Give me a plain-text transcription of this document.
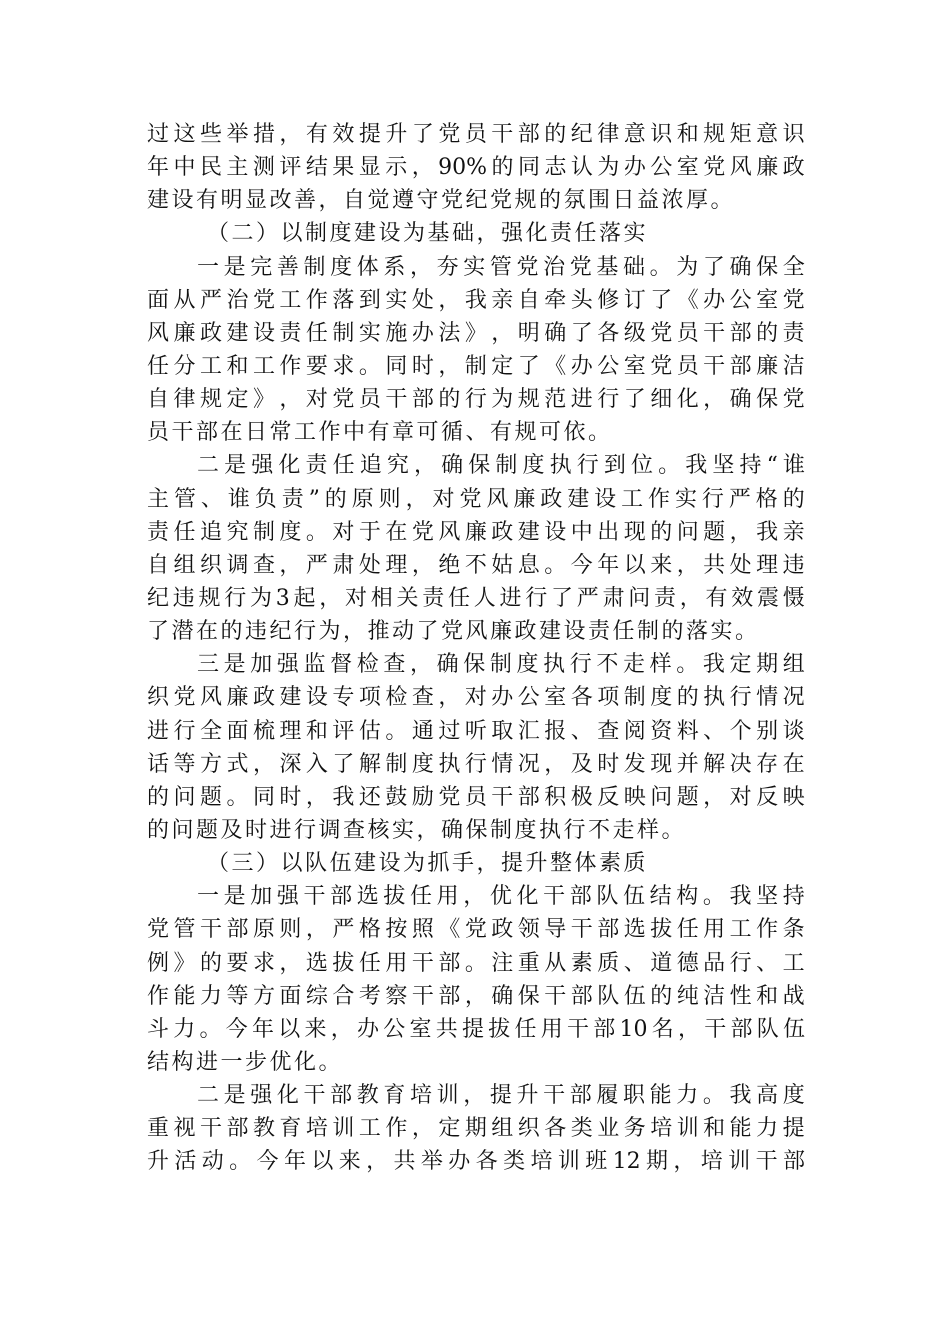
过 这 些 举 措 ， 有 效 提 升 了 党 员 干 部 的 纪 律 意 识 和 规 矩 意 识
年 中 民 主 测 评 结 果 显 示 ， 90% 的 同 志 认 为 办 公 室 党 风 廉 政
建设有明显改善，自觉遵守党纪党规的氛围日益浓厚。
（二）以制度建设为基础，强化责任落实
一 是 完 善 制 度 体 系 ， 夯 实 管 党 治 党 基 础 。 为 了 确 保 全
面 从 严 治 党 工 作 落 到 实 处 ， 我 亲 自 牵 头 修 订 了 《 办 公 室 党
风 廉 政 建 设 责 任 制 实 施 办 法 》 ， 明 确 了 各 级 党 员 干 部 的 责
任 分 工 和 工 作 要 求 。 同 时 ， 制 定 了 《 办 公 室 党 员 干 部 廉 洁
自 律 规 定 》 ， 对 党 员 干 部 的 行 为 规 范 进 行 了 细 化 ， 确 保 党
员干部在日常工作中有章可循、有规可依。
二 是 强 化 责 任 追 究 ， 确 保 制 度 执 行 到 位 。 我 坚 持 “ 谁
主 管 、 谁 负 责 ” 的 原 则 ， 对 党 风 廉 政 建 设 工 作 实 行 严 格 的
责 任 追 究 制 度 。 对 于 在 党 风 廉 政 建 设 中 出 现 的 问 题 ， 我 亲
自 组 织 调 查 ， 严 肃 处 理 ， 绝 不 姑 息 。 今 年 以 来 ， 共 处 理 违
纪 违 规 行 为 3 起 ， 对 相 关 责 任 人 进 行 了 严 肃 问 责 ， 有 效 震 慑
了潜在的违纪行为，推动了党风廉政建设责任制的落实。
三 是 加 强 监 督 检 查 ， 确 保 制 度 执 行 不 走 样 。 我 定 期 组
织 党 风 廉 政 建 设 专 项 检 查 ， 对 办 公 室 各 项 制 度 的 执 行 情 况
进 行 全 面 梳 理 和 评 估 。 通 过 听 取 汇 报 、 查 阅 资 料 、 个 别 谈
话 等 方 式 ， 深 入 了 解 制 度 执 行 情 况 ， 及 时 发 现 并 解 决 存 在
的 问 题 。 同 时 ， 我 还 鼓 励 党 员 干 部 积 极 反 映 问 题 ， 对 反 映
的问题及时进行调查核实，确保制度执行不走样。
（三）以队伍建设为抓手，提升整体素质
一 是 加 强 干 部 选 拔 任 用 ， 优 化 干 部 队 伍 结 构 。 我 坚 持
党 管 干 部 原 则 ， 严 格 按 照 《 党 政 领 导 干 部 选 拔 任 用 工 作 条
例 》 的 要 求 ， 选 拔 任 用 干 部 。 注 重 从 素 质 、 道 德 品 行 、 工
作 能 力 等 方 面 综 合 考 察 干 部 ， 确 保 干 部 队 伍 的 纯 洁 性 和 战
斗 力 。 今 年 以 来 ， 办 公 室 共 提 拔 任 用 干 部 10 名 ， 干 部 队 伍
结构进一步优化。
二 是 强 化 干 部 教 育 培 训 ， 提 升 干 部 履 职 能 力 。 我 高 度
重 视 干 部 教 育 培 训 工 作 ， 定 期 组 织 各 类 业 务 培 训 和 能 力 提
升 活 动 。 今 年 以 来 ， 共 举 办 各 类 培 训 班 12 期 ， 培 训 干 部
